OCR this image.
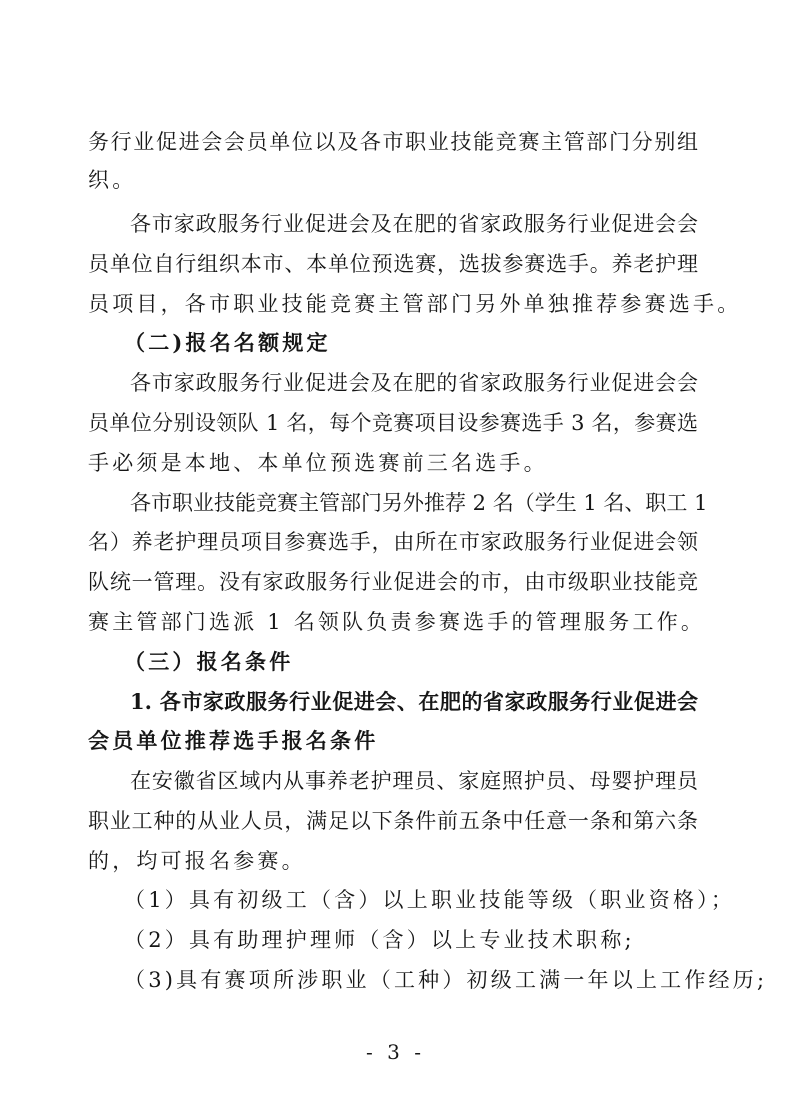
务行业促进会会员单位以及各市职业技能竞赛主管部门分别组
织。
各市家政服务行业促进会及在肥的省家政服务行业促进会会
员单位自行组织本市、本单位预选赛，选拔参赛选手。养老护理
员项目，各市职业技能竞赛主管部门另外单独推荐参赛选手。
（二)报名名额规定
各市家政服务行业促进会及在肥的省家政服务行业促进会会
员单位分别设领队 1 名，每个竞赛项目设参赛选手 3 名，参赛选
手必须是本地、本单位预选赛前三名选手。
各市职业技能竞赛主管部门另外推荐 2 名（学生 1 名、职工 1
名）养老护理员项目参赛选手，由所在市家政服务行业促进会领
队统一管理。没有家政服务行业促进会的市，由市级职业技能竞
赛主管部门选派 1 名领队负责参赛选手的管理服务工作。
（三）报名条件
1. 各市家政服务行业促进会、在肥的省家政服务行业促进会
会员单位推荐选手报名条件
在安徽省区域内从事养老护理员、家庭照护员、母婴护理员
职业工种的从业人员，满足以下条件前五条中任意一条和第六条
的，均可报名参赛。
（1）具有初级工（含）以上职业技能等级（职业资格）；
（2）具有助理护理师（含）以上专业技术职称;
（3)具有赛项所涉职业（工种）初级工满一年以上工作经历;
- 3 -
